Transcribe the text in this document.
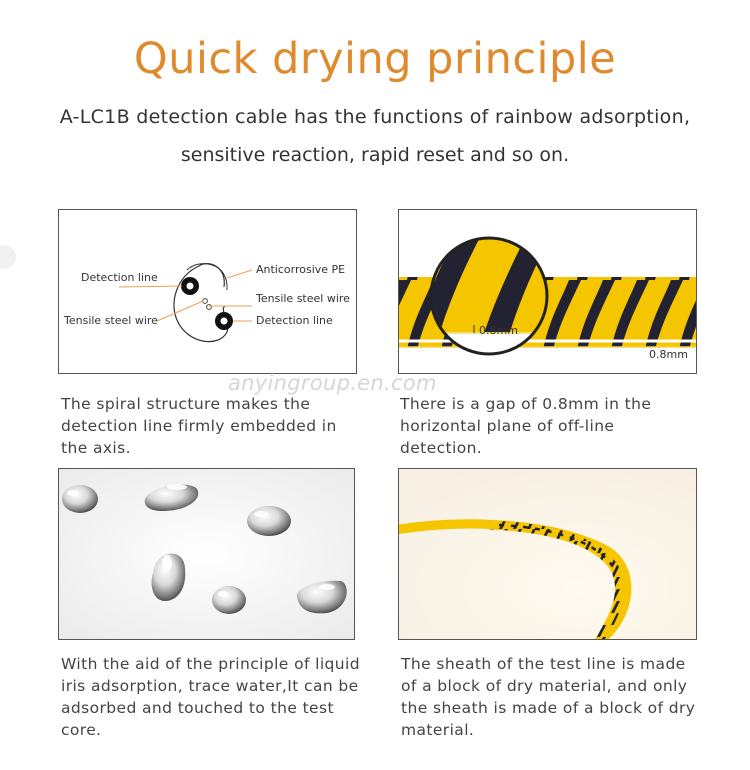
Quick drying principle
A-LC1B detection cable has the functions of rainbow adsorption,
sensitive reaction, rapid reset and so on.
Detection line
Anticorrosive PE
Tensile steel wire
Tensile steel wire	Detection line
0.8mm
0.8mm
anyingroup.en.com
The spiral structure makes the detection line firmly embedded in the axis.
There is a gap of 0.8mm in the horizontal plane of off-line detection.
With the aid of the principle of liquid iris adsorption, trace water,It can be adsorbed and touched to the test core.
The sheath of the test line is made of a block of dry material, and only the sheath is made of a block of dry material.
